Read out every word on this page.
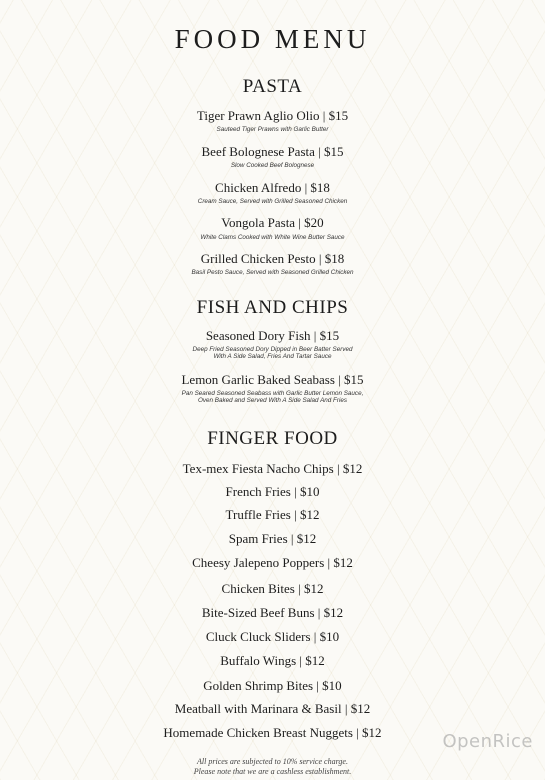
FOOD MENU
PASTA
Tiger Prawn Aglio Olio | $15
Sauteed Tiger Prawns with Garlic Butter
Beef Bolognese Pasta | $15
Slow Cooked Beef Bolognese
Chicken Alfredo | $18
Cream Sauce, Served with Grilled Seasoned Chicken
Vongola Pasta | $20
White Clams Cooked with White Wine Butter Sauce
Grilled Chicken Pesto | $18
Basil Pesto Sauce, Served with Seasoned Grilled Chicken
FISH AND CHIPS
Seasoned Dory Fish | $15
Deep Fried Seasoned Dory Dipped in Beer Batter Served
With A Side Salad, Fries And Tartar Sauce
Lemon Garlic Baked Seabass | $15
Pan Seared Seasoned Seabass with Garlic Butter Lemon Sauce,
Oven Baked and Served With A Side Salad And Fries
FINGER FOOD
Tex-mex Fiesta Nacho Chips | $12
French Fries | $10
Truffle Fries | $12
Spam Fries | $12
Cheesy Jalepeno Poppers | $12
Chicken Bites | $12
Bite-Sized Beef Buns | $12
Cluck Cluck Sliders | $10
Buffalo Wings | $12
Golden Shrimp Bites | $10
Meatball with Marinara & Basil | $12
Homemade Chicken Breast Nuggets | $12
All prices are subjected to 10% service charge.
Please note that we are a cashless establishment.
OpenRice
